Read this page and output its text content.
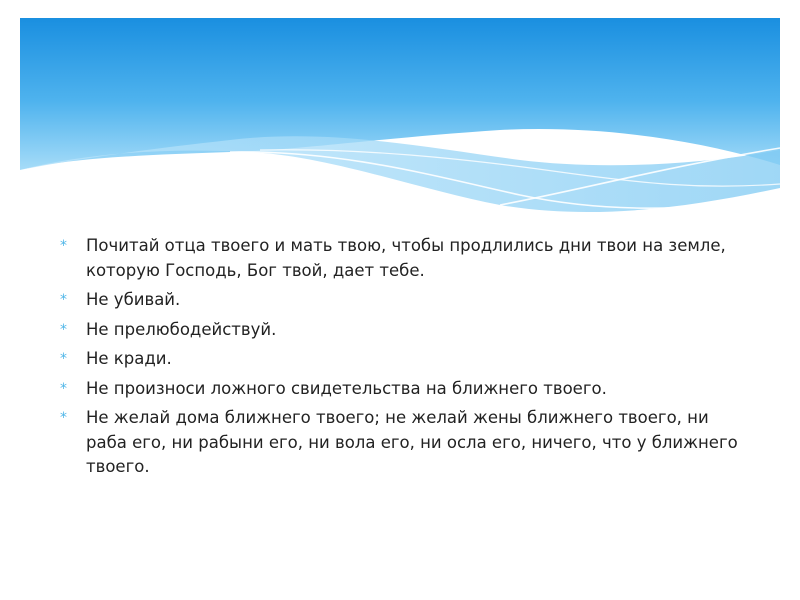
* Почитай отца твоего и мать твою, чтобы продлились дни твои на земле, которую Господь, Бог твой, дает тебе.
* Не убивай.
* Не прелюбодействуй.
* Не кради.
* Не произноси ложного свидетельства на ближнего твоего.
* Не желай дома ближнего твоего; не желай жены ближнего твоего, ни раба его, ни рабыни его, ни вола его, ни осла его, ничего, что у ближнего твоего.
